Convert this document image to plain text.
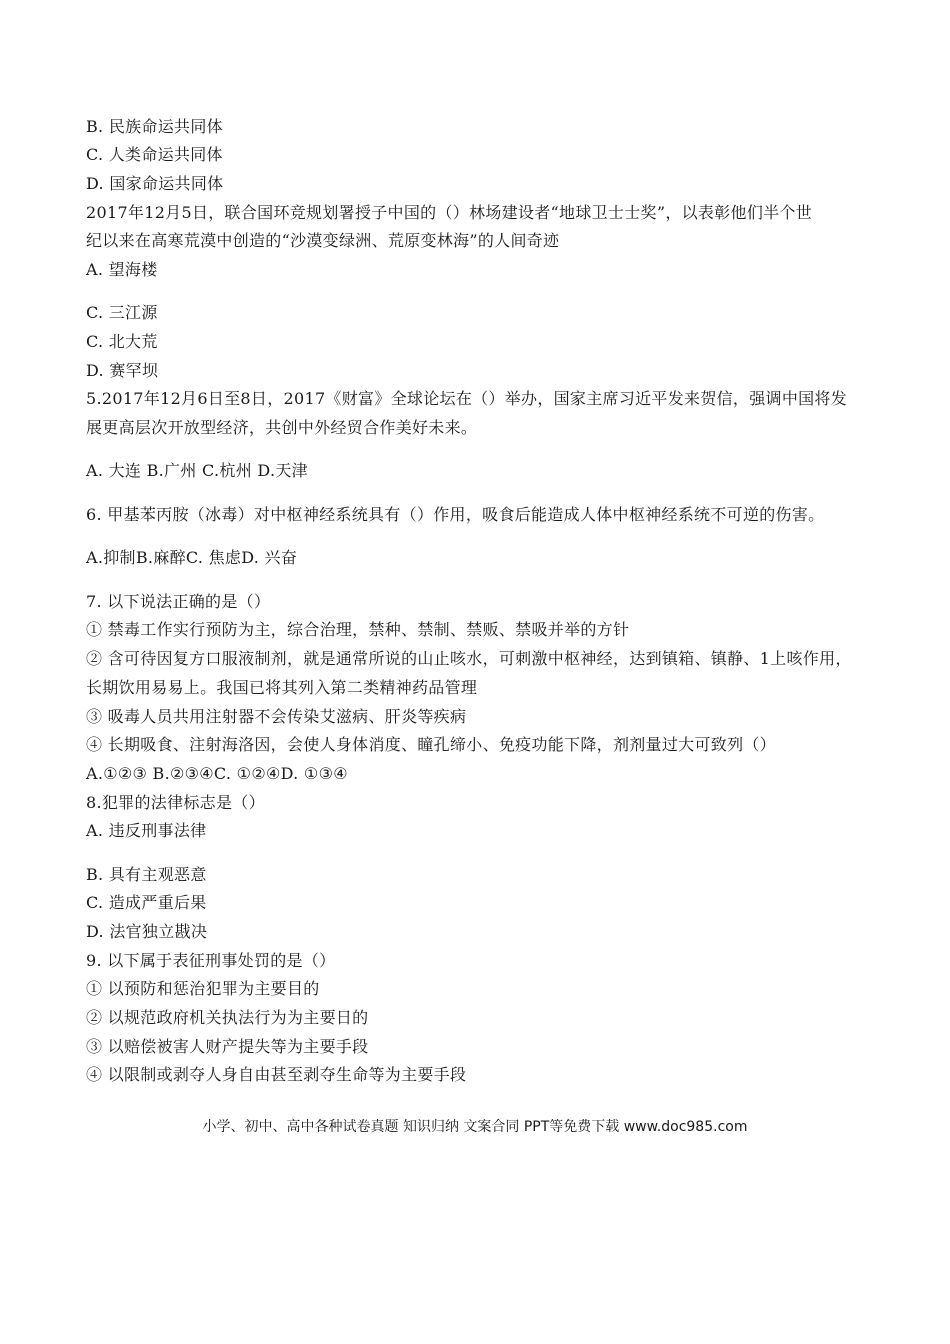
B. 民族命运共同体
C. 人类命运共同体
D. 国家命运共同体
2017年12月5日，联合国环竞规划署授子中国的（）林场建设者“地球卫士士奖”，以表彰他们半个世
纪以来在高寒荒漠中创造的“沙漠变绿洲、荒原变林海”的人间奇迹
A. 望海楼
C. 三江源
C. 北大荒
D. 赛罕坝
5.2017年12月6日至8日，2017《财富》全球论坛在（）举办，国家主席习近平发来贺信，强调中国将发
展更高层次开放型经济，共创中外经贸合作美好未来。
A. 大连 B.广州 C.杭州 D.天津
6. 甲基苯丙胺（冰毒）对中枢神经系统具有（）作用，吸食后能造成人体中枢神经系统不可逆的伤害。
A.抑制B.麻醉C. 焦虑D. 兴奋
7. 以下说法正确的是（）
① 禁毒工作实行预防为主，综合治理，禁种、禁制、禁贩、禁吸并举的方针
② 含可待因复方口服液制剂，就是通常所说的山止咳水，可刺激中枢神经，达到镇箱、镇静、1上咳作用，
长期饮用易易上。我国已将其列入第二类精神药品管理
③ 吸毒人员共用注射器不会传染艾滋病、肝炎等疾病
④ 长期吸食、注射海洛因，会使人身体消度、瞳孔缔小、免疫功能下降，剂剂量过大可致列（）
A.①②③ B.②③④C. ①②④D. ①③④
8.犯罪的法律标志是（）
A. 违反刑事法律
B. 具有主观恶意
C. 造成严重后果
D. 法官独立戡决
9. 以下属于表征刑事处罚的是（）
① 以预防和惩治犯罪为主要目的
② 以规范政府机关执法行为为主要日的
③ 以赔偿被害人财产提失等为主要手段
④ 以限制或剥夺人身自由甚至剥夺生命等为主要手段
小学、初中、高中各种试卷真题 知识归纳 文案合同 PPT等免费下载 www.doc985.com
